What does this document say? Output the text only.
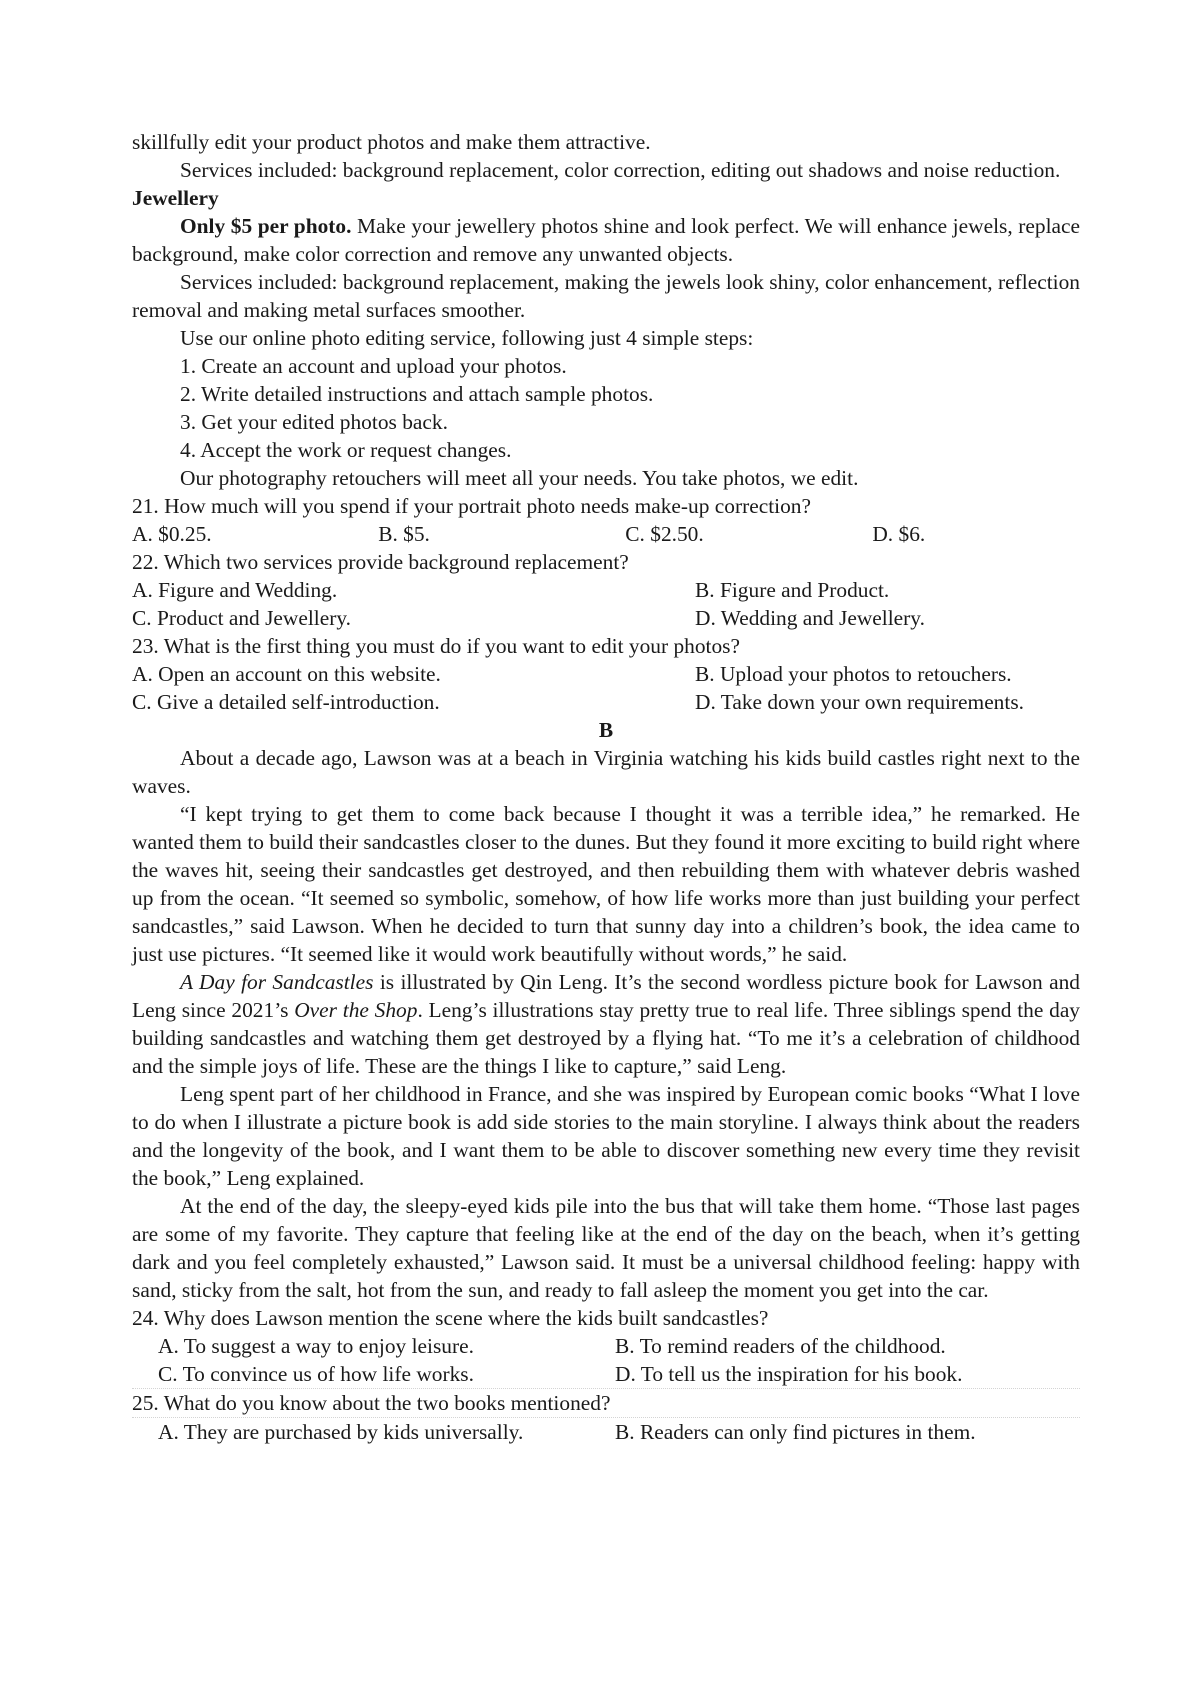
skillfully edit your product photos and make them attractive.

Services included: background replacement, color correction, editing out shadows and noise reduction.

Jewellery

Only $5 per photo. Make your jewellery photos shine and look perfect. We will enhance jewels, replace background, make color correction and remove any unwanted objects.

Services included: background replacement, making the jewels look shiny, color enhancement, reflection removal and making metal surfaces smoother.

Use our online photo editing service, following just 4 simple steps:

1. Create an account and upload your photos.

2. Write detailed instructions and attach sample photos.

3. Get your edited photos back.

4. Accept the work or request changes.

Our photography retouchers will meet all your needs. You take photos, we edit.

21. How much will you spend if your portrait photo needs make-up correction?

A. $0.25.	B. $5.	C. $2.50.	D. $6.

22. Which two services provide background replacement?

A. Figure and Wedding.	B. Figure and Product.
C. Product and Jewellery.	D. Wedding and Jewellery.

23. What is the first thing you must do if you want to edit your photos?

A. Open an account on this website.	B. Upload your photos to retouchers.
C. Give a detailed self-introduction.	D. Take down your own requirements.

B

About a decade ago, Lawson was at a beach in Virginia watching his kids build castles right next to the waves.

“I kept trying to get them to come back because I thought it was a terrible idea,” he remarked. He wanted them to build their sandcastles closer to the dunes. But they found it more exciting to build right where the waves hit, seeing their sandcastles get destroyed, and then rebuilding them with whatever debris washed up from the ocean. “It seemed so symbolic, somehow, of how life works more than just building your perfect sandcastles,” said Lawson. When he decided to turn that sunny day into a children’s book, the idea came to just use pictures. “It seemed like it would work beautifully without words,” he said.

A Day for Sandcastles is illustrated by Qin Leng. It’s the second wordless picture book for Lawson and Leng since 2021’s Over the Shop. Leng’s illustrations stay pretty true to real life. Three siblings spend the day building sandcastles and watching them get destroyed by a flying hat. “To me it’s a celebration of childhood and the simple joys of life. These are the things I like to capture,” said Leng.

Leng spent part of her childhood in France, and she was inspired by European comic books “What I love to do when I illustrate a picture book is add side stories to the main storyline. I always think about the readers and the longevity of the book, and I want them to be able to discover something new every time they revisit the book,” Leng explained.

At the end of the day, the sleepy-eyed kids pile into the bus that will take them home. “Those last pages are some of my favorite. They capture that feeling like at the end of the day on the beach, when it’s getting dark and you feel completely exhausted,” Lawson said. It must be a universal childhood feeling: happy with sand, sticky from the salt, hot from the sun, and ready to fall asleep the moment you get into the car.

24. Why does Lawson mention the scene where the kids built sandcastles?

A. To suggest a way to enjoy leisure.	B. To remind readers of the childhood.
C. To convince us of how life works.	D. To tell us the inspiration for his book.

25. What do you know about the two books mentioned?

A. They are purchased by kids universally.	B. Readers can only find pictures in them.
